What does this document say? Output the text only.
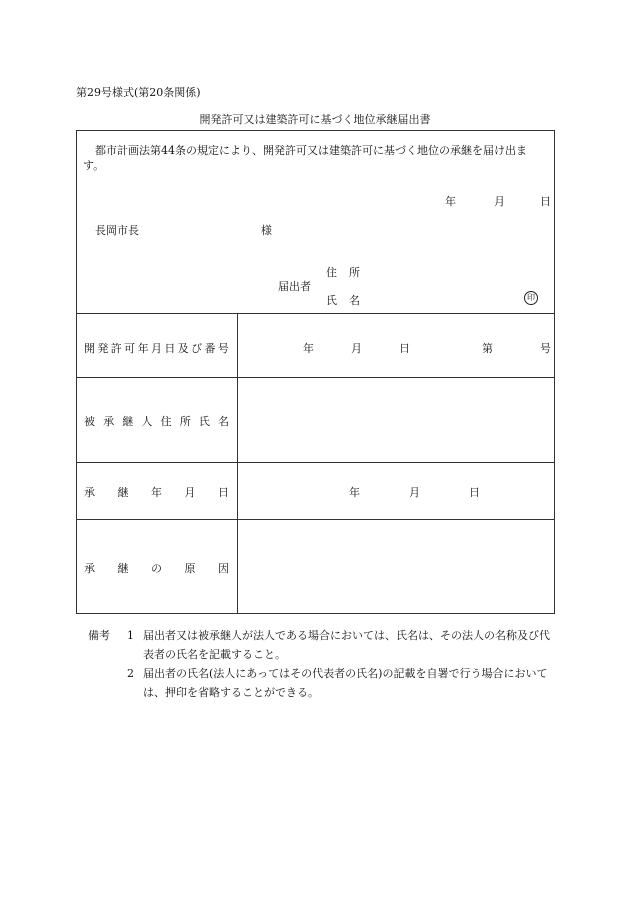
第29号様式(第20条関係)
開発許可又は建築許可に基づく地位承継届出書
都市計画法第44条の規定により、開発許可又は建築許可に基づく地位の承継を届け出ます。
年	月	日
長岡市長	様
届出者
住 所
氏 名	印
開 発 許 可 年 月 日 及 び 番 号	年	月	日	第	号
被 承 継 人 住 所 氏 名
承 継 年 月 日	年	月	日
承 継 の 原 因
備考	1 届出者又は被承継人が法人である場合においては、氏名は、その法人の名称及び代表者の氏名を記載すること。
2 届出者の氏名(法人にあってはその代表者の氏名)の記載を自署で行う場合においては、押印を省略することができる。
